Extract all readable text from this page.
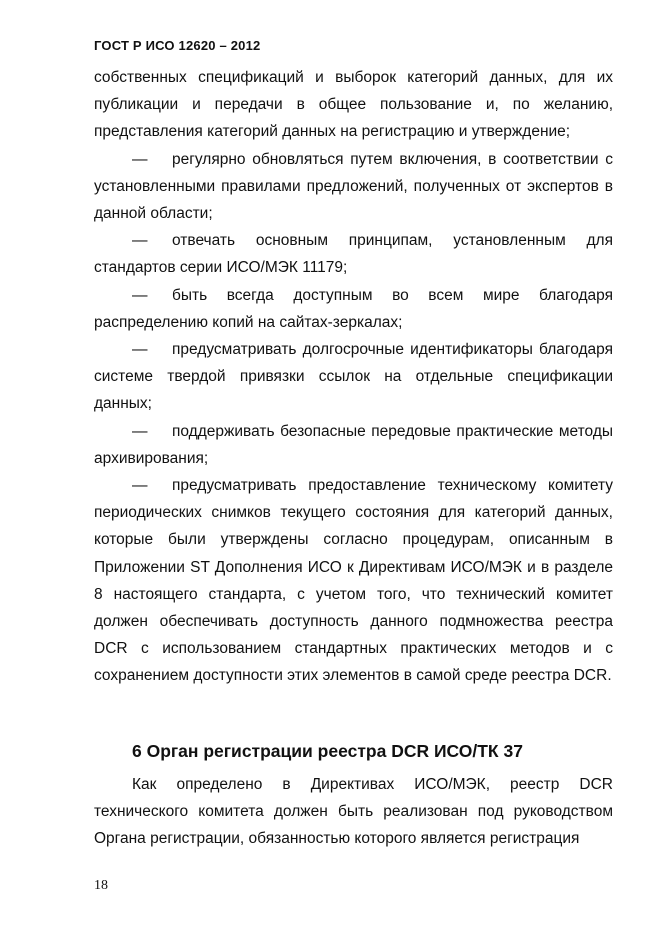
ГОСТ Р ИСО 12620 – 2012

собственных спецификаций и выборок категорий данных, для их публикации и передачи в общее пользование и, по желанию, представления категорий данных на регистрацию и утверждение;

— регулярно обновляться путем включения, в соответствии с установленными правилами предложений, полученных от экспертов в данной области;

— отвечать основным принципам, установленным для стандартов серии ИСО/МЭК 11179;

— быть всегда доступным во всем мире благодаря распределению копий на сайтах-зеркалах;

— предусматривать долгосрочные идентификаторы благодаря системе твердой привязки ссылок на отдельные спецификации данных;

— поддерживать безопасные передовые практические методы архивирования;

— предусматривать предоставление техническому комитету периодических снимков текущего состояния для категорий данных, которые были утверждены согласно процедурам, описанным в Приложении ST Дополнения ИСО к Директивам ИСО/МЭК и в разделе 8 настоящего стандарта, с учетом того, что технический комитет должен обеспечивать доступность данного подмножества реестра DCR с использованием стандартных практических методов и с сохранением доступности этих элементов в самой среде реестра DCR.

6 Орган регистрации реестра DCR ИСО/ТК 37

Как определено в Директивах ИСО/МЭК, реестр DCR технического комитета должен быть реализован под руководством Органа регистрации, обязанностью которого является регистрация

18
